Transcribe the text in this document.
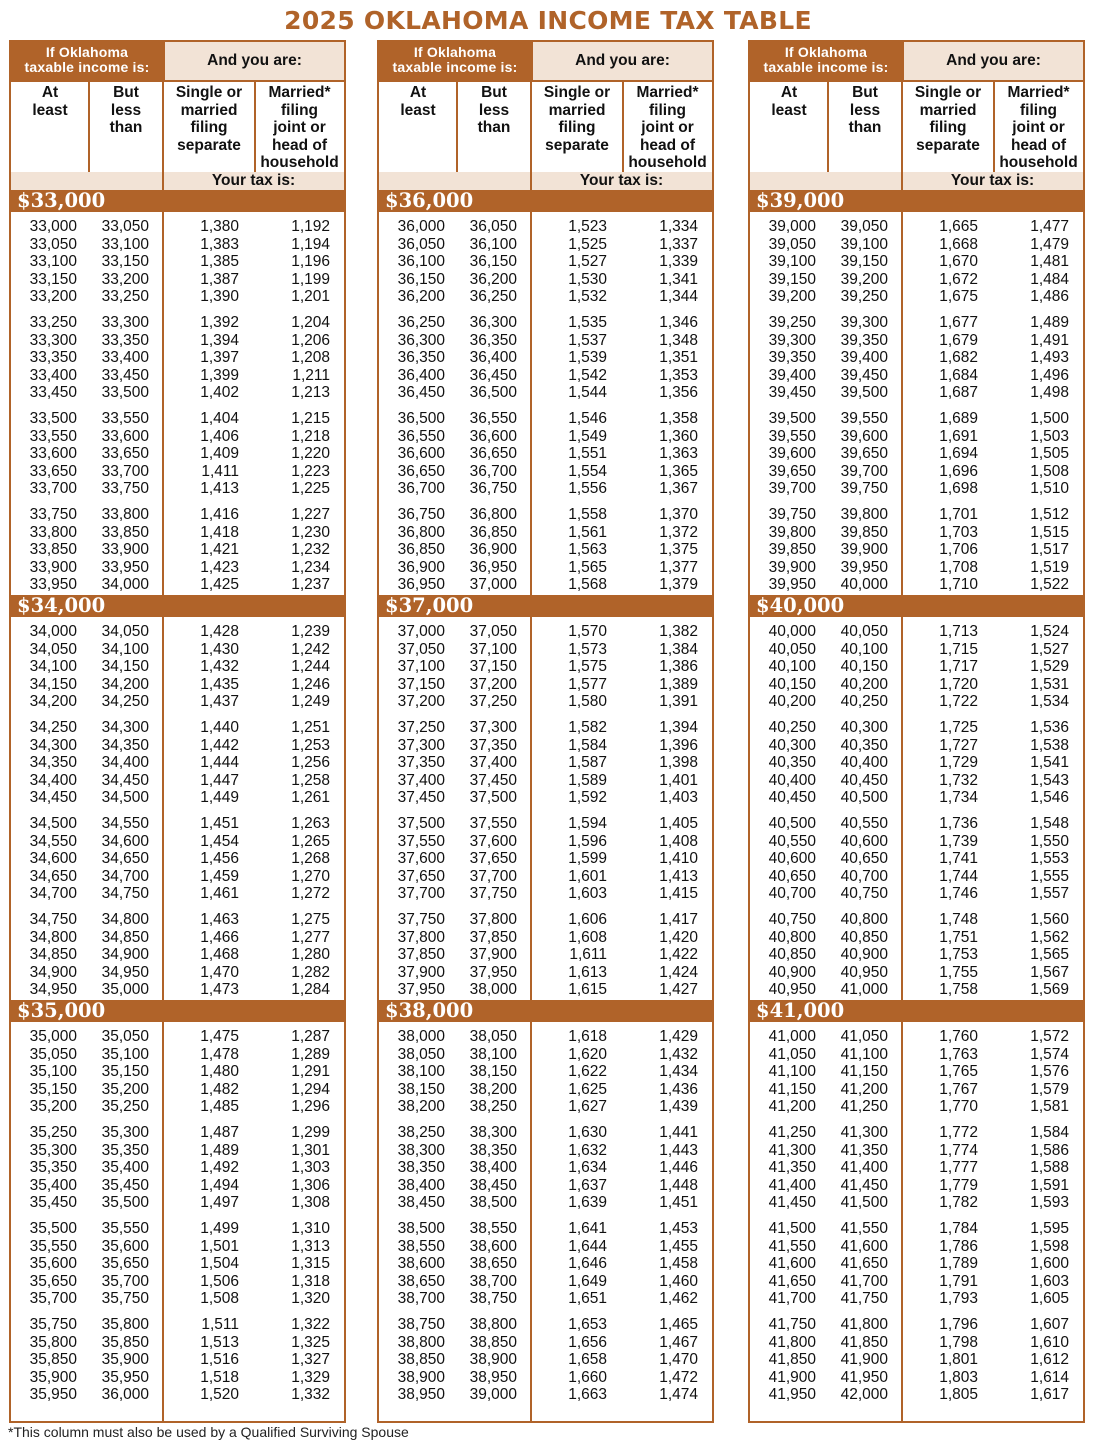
2025 OKLAHOMA INCOME TAX TABLE
If Oklahoma
taxable income is:	And you are:
At
least
But
less
than
Single or
married
filing
separate
Married*
filing
joint or
head of
household
Your tax is:
$33,000
33,000	33,050	1,380	1,192
33,050	33,100	1,383	1,194
33,100	33,150	1,385	1,196
33,150	33,200	1,387	1,199
33,200	33,250	1,390	1,201
33,250	33,300	1,392	1,204
33,300	33,350	1,394	1,206
33,350	33,400	1,397	1,208
33,400	33,450	1,399	1,211
33,450	33,500	1,402	1,213
33,500	33,550	1,404	1,215
33,550	33,600	1,406	1,218
33,600	33,650	1,409	1,220
33,650	33,700	1,411	1,223
33,700	33,750	1,413	1,225
33,750	33,800	1,416	1,227
33,800	33,850	1,418	1,230
33,850	33,900	1,421	1,232
33,900	33,950	1,423	1,234
33,950	34,000	1,425	1,237
$34,000
34,000	34,050	1,428	1,239
34,050	34,100	1,430	1,242
34,100	34,150	1,432	1,244
34,150	34,200	1,435	1,246
34,200	34,250	1,437	1,249
34,250	34,300	1,440	1,251
34,300	34,350	1,442	1,253
34,350	34,400	1,444	1,256
34,400	34,450	1,447	1,258
34,450	34,500	1,449	1,261
34,500	34,550	1,451	1,263
34,550	34,600	1,454	1,265
34,600	34,650	1,456	1,268
34,650	34,700	1,459	1,270
34,700	34,750	1,461	1,272
34,750	34,800	1,463	1,275
34,800	34,850	1,466	1,277
34,850	34,900	1,468	1,280
34,900	34,950	1,470	1,282
34,950	35,000	1,473	1,284
$35,000
35,000	35,050	1,475	1,287
35,050	35,100	1,478	1,289
35,100	35,150	1,480	1,291
35,150	35,200	1,482	1,294
35,200	35,250	1,485	1,296
35,250	35,300	1,487	1,299
35,300	35,350	1,489	1,301
35,350	35,400	1,492	1,303
35,400	35,450	1,494	1,306
35,450	35,500	1,497	1,308
35,500	35,550	1,499	1,310
35,550	35,600	1,501	1,313
35,600	35,650	1,504	1,315
35,650	35,700	1,506	1,318
35,700	35,750	1,508	1,320
35,750	35,800	1,511	1,322
35,800	35,850	1,513	1,325
35,850	35,900	1,516	1,327
35,900	35,950	1,518	1,329
35,950	36,000	1,520	1,332
If Oklahoma
taxable income is:	And you are:
At
least
But
less
than
Single or
married
filing
separate
Married*
filing
joint or
head of
household
Your tax is:
$36,000
36,000	36,050	1,523	1,334
36,050	36,100	1,525	1,337
36,100	36,150	1,527	1,339
36,150	36,200	1,530	1,341
36,200	36,250	1,532	1,344
36,250	36,300	1,535	1,346
36,300	36,350	1,537	1,348
36,350	36,400	1,539	1,351
36,400	36,450	1,542	1,353
36,450	36,500	1,544	1,356
36,500	36,550	1,546	1,358
36,550	36,600	1,549	1,360
36,600	36,650	1,551	1,363
36,650	36,700	1,554	1,365
36,700	36,750	1,556	1,367
36,750	36,800	1,558	1,370
36,800	36,850	1,561	1,372
36,850	36,900	1,563	1,375
36,900	36,950	1,565	1,377
36,950	37,000	1,568	1,379
$37,000
37,000	37,050	1,570	1,382
37,050	37,100	1,573	1,384
37,100	37,150	1,575	1,386
37,150	37,200	1,577	1,389
37,200	37,250	1,580	1,391
37,250	37,300	1,582	1,394
37,300	37,350	1,584	1,396
37,350	37,400	1,587	1,398
37,400	37,450	1,589	1,401
37,450	37,500	1,592	1,403
37,500	37,550	1,594	1,405
37,550	37,600	1,596	1,408
37,600	37,650	1,599	1,410
37,650	37,700	1,601	1,413
37,700	37,750	1,603	1,415
37,750	37,800	1,606	1,417
37,800	37,850	1,608	1,420
37,850	37,900	1,611	1,422
37,900	37,950	1,613	1,424
37,950	38,000	1,615	1,427
$38,000
38,000	38,050	1,618	1,429
38,050	38,100	1,620	1,432
38,100	38,150	1,622	1,434
38,150	38,200	1,625	1,436
38,200	38,250	1,627	1,439
38,250	38,300	1,630	1,441
38,300	38,350	1,632	1,443
38,350	38,400	1,634	1,446
38,400	38,450	1,637	1,448
38,450	38,500	1,639	1,451
38,500	38,550	1,641	1,453
38,550	38,600	1,644	1,455
38,600	38,650	1,646	1,458
38,650	38,700	1,649	1,460
38,700	38,750	1,651	1,462
38,750	38,800	1,653	1,465
38,800	38,850	1,656	1,467
38,850	38,900	1,658	1,470
38,900	38,950	1,660	1,472
38,950	39,000	1,663	1,474
If Oklahoma
taxable income is:	And you are:
At
least
But
less
than
Single or
married
filing
separate
Married*
filing
joint or
head of
household
Your tax is:
$39,000
39,000	39,050	1,665	1,477
39,050	39,100	1,668	1,479
39,100	39,150	1,670	1,481
39,150	39,200	1,672	1,484
39,200	39,250	1,675	1,486
39,250	39,300	1,677	1,489
39,300	39,350	1,679	1,491
39,350	39,400	1,682	1,493
39,400	39,450	1,684	1,496
39,450	39,500	1,687	1,498
39,500	39,550	1,689	1,500
39,550	39,600	1,691	1,503
39,600	39,650	1,694	1,505
39,650	39,700	1,696	1,508
39,700	39,750	1,698	1,510
39,750	39,800	1,701	1,512
39,800	39,850	1,703	1,515
39,850	39,900	1,706	1,517
39,900	39,950	1,708	1,519
39,950	40,000	1,710	1,522
$40,000
40,000	40,050	1,713	1,524
40,050	40,100	1,715	1,527
40,100	40,150	1,717	1,529
40,150	40,200	1,720	1,531
40,200	40,250	1,722	1,534
40,250	40,300	1,725	1,536
40,300	40,350	1,727	1,538
40,350	40,400	1,729	1,541
40,400	40,450	1,732	1,543
40,450	40,500	1,734	1,546
40,500	40,550	1,736	1,548
40,550	40,600	1,739	1,550
40,600	40,650	1,741	1,553
40,650	40,700	1,744	1,555
40,700	40,750	1,746	1,557
40,750	40,800	1,748	1,560
40,800	40,850	1,751	1,562
40,850	40,900	1,753	1,565
40,900	40,950	1,755	1,567
40,950	41,000	1,758	1,569
$41,000
41,000	41,050	1,760	1,572
41,050	41,100	1,763	1,574
41,100	41,150	1,765	1,576
41,150	41,200	1,767	1,579
41,200	41,250	1,770	1,581
41,250	41,300	1,772	1,584
41,300	41,350	1,774	1,586
41,350	41,400	1,777	1,588
41,400	41,450	1,779	1,591
41,450	41,500	1,782	1,593
41,500	41,550	1,784	1,595
41,550	41,600	1,786	1,598
41,600	41,650	1,789	1,600
41,650	41,700	1,791	1,603
41,700	41,750	1,793	1,605
41,750	41,800	1,796	1,607
41,800	41,850	1,798	1,610
41,850	41,900	1,801	1,612
41,900	41,950	1,803	1,614
41,950	42,000	1,805	1,617
*This column must also be used by a Qualified Surviving Spouse
